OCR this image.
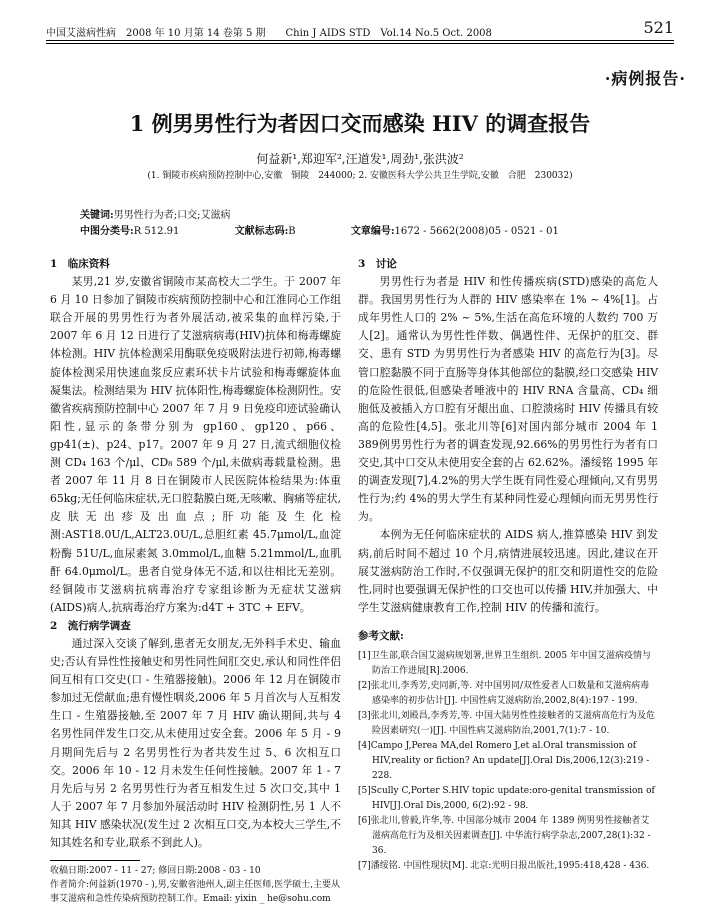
中国艾滋病性病　2008 年 10 月第 14 卷第 5 期　　Chin J AIDS STD　Vol.14 No.5 Oct. 2008	521
·病例报告·
1 例男男性行为者因口交而感染 HIV 的调查报告
何益新¹,郑迎军²,汪道发¹,周劲¹,张洪波²
(1. 铜陵市疾病预防控制中心,安徽　铜陵　244000; 2. 安徽医科大学公共卫生学院,安徽　合肥　230032)
关键词:男男性行为者;口交;艾滋病
中图分类号:R 512.91	文献标志码:B	文章编号:1672 - 5662(2008)05 - 0521 - 01
1　临床资料

某男,21 岁,安徽省铜陵市某高校大二学生。于 2007 年 6 月 10 日参加了铜陵市疾病预防控制中心和江淮同心工作组联合开展的男男性行为者外展活动,被采集的血样污染,于 2007 年 6 月 12 日进行了艾滋病病毒(HIV)抗体和梅毒螺旋体检测。HIV 抗体检测采用酶联免疫吸附法进行初筛,梅毒螺旋体检测采用快速血浆反应素环状卡片试验和梅毒螺旋体血凝集法。检测结果为 HIV 抗体阳性,梅毒螺旋体检测阴性。安徽省疾病预防控制中心 2007 年 7 月 9 日免疫印迹试验确认阳性,显示的条带分别为 gp160、gp120、p66、gp41(±)、p24、p17。2007 年 9 月 27 日,流式细胞仪检测 CD₄ 163 个/μl、CD₈ 589 个/μl,未做病毒载量检测。患者 2007 年 11 月 8 日在铜陵市人民医院体检结果为:体重 65kg;无任何临床症状,无口腔黏膜白斑,无咳嗽、胸痛等症状,皮肤无出疹及出血点;肝功能及生化检测:AST18.0U/L,ALT23.0U/L,总胆红素 45.7μmol/L,血淀粉酶 51U/L,血尿素氮 3.0mmol/L,血糖 5.21mmol/L,血肌酐 64.0μmol/L。患者自觉身体无不适,和以往相比无差别。经铜陵市艾滋病抗病毒治疗专家组诊断为无症状艾滋病(AIDS)病人,抗病毒治疗方案为:d4T + 3TC + EFV。

2　流行病学调查

通过深入交谈了解到,患者无女朋友,无外科手术史、输血史;否认有异性性接触史和男性同性间肛交史,承认和同性伴侣间互相有口交史(口 - 生殖器接触)。2006 年 12 月在铜陵市参加过无偿献血;患有慢性咽炎,2006 年 5 月首次与人互相发生口 - 生殖器接触,至 2007 年 7 月 HIV 确认期间,共与 4 名男性同伴发生口交,从未使用过安全套。2006 年 5 月 - 9 月期间先后与 2 名男男性行为者共发生过 5、6 次相互口交。2006 年 10 - 12 月未发生任何性接触。2007 年 1 - 7 月先后与另 2 名男男性行为者互相发生过 5 次口交,其中 1 人于 2007 年 7 月参加外展活动时 HIV 检测阴性,另 1 人不知其 HIV 感染状况(发生过 2 次相互口交,为本校大三学生,不知其姓名和专业,联系不到此人)。

收稿日期:2007 - 11 - 27; 修回日期:2008 - 03 - 10
作者简介:何益新(1970 - ),男,安徽省池州人,副主任医师,医学硕士,主要从事艾滋病和急性传染病预防控制工作。Email: yixin _ he@sohu.com
3　讨论

男男性行为者是 HIV 和性传播疾病(STD)感染的高危人群。我国男男性行为人群的 HIV 感染率在 1% ~ 4%[1]。占成年男性人口的 2% ~ 5%,生活在高危环境的人数约 700 万人[2]。通常认为男性性伴数、偶遇性伴、无保护的肛交、群交、患有 STD 为男男性行为者感染 HIV 的高危行为[3]。尽管口腔黏膜不同于直肠等身体其他部位的黏膜,经口交感染 HIV 的危险性很低,但感染者唾液中的 HIV RNA 含量高、CD₄ 细胞低及被插入方口腔有牙龈出血、口腔溃疡时 HIV 传播具有较高的危险性[4,5]。张北川等[6]对国内部分城市 2004 年 1 389例男男性行为者的调查发现,92.66%的男男性行为者有口交史,其中口交从未使用安全套的占 62.62%。潘绥铭 1995 年的调查发现[7],4.2%的男大学生既有同性爱心理倾向,又有男男性行为;约 4%的男大学生有某种同性爱心理倾向而无男男性行为。

本例为无任何临床症状的 AIDS 病人,推算感染 HIV 到发病,前后时间不超过 10 个月,病情进展较迅速。因此,建议在开展艾滋病防治工作时,不仅强调无保护的肛交和阴道性交的危险性,同时也要强调无保护性的口交也可以传播 HIV,并加强大、中学生艾滋病健康教育工作,控制 HIV 的传播和流行。

参考文献:
[1]卫生部,联合国艾滋病规划署,世界卫生组织. 2005 年中国艾滋病疫情与防治工作进展[R].2006.
[2]张北川,李秀芳,史同新,等. 对中国男同/双性爱者人口数量和艾滋病病毒感染率的初步估计[J]. 中国性病艾滋病防治,2002,8(4):197 - 199.
[3]张北川,刘殿昌,李秀芳,等. 中国大陆男性性接触者的艾滋病高危行为及危险因素研究(一)[J]. 中国性病艾滋病防治,2001,7(1):7 - 10.
[4]Campo J,Perea MA,del Romero J,et al.Oral transmission of HIV,reality or fiction? An update[J].Oral Dis,2006,12(3):219 - 228.
[5]Scully C,Porter S.HIV topic update:oro-genital transmission of HIV[J].Oral Dis,2000, 6(2):92 - 98.
[6]张北川,曾毅,许华,等. 中国部分城市 2004 年 1389 例男男性接触者艾滋病高危行为及相关因素调查[J]. 中华流行病学杂志,2007,28(1):32 - 36.
[7]潘绥铭. 中国性现状[M]. 北京:光明日报出版社,1995:418,428 - 436.
